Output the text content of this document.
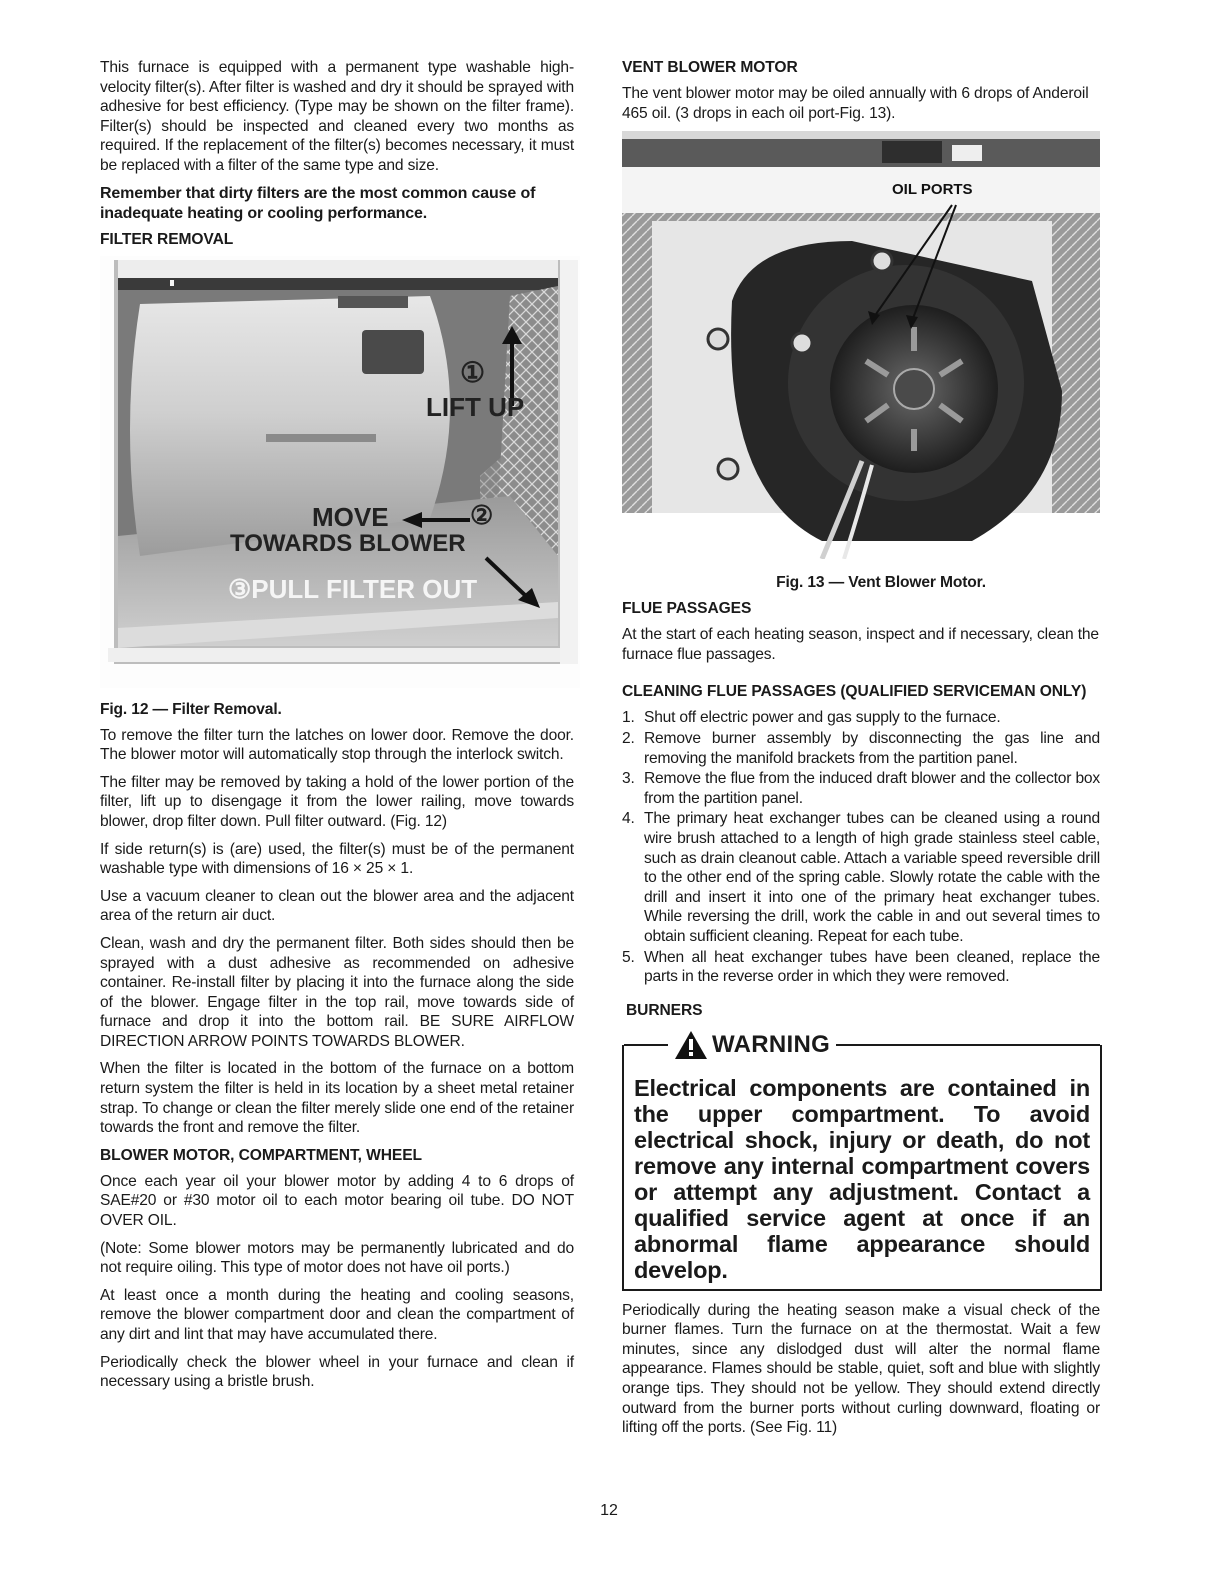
This furnace is equipped with a permanent type washable high-velocity filter(s). After filter is washed and dry it should be sprayed with adhesive for best efficiency. (Type may be shown on the filter frame). Filter(s) should be inspected and cleaned every two months as required. If the replacement of the filter(s) becomes necessary, it must be replaced with a filter of the same type and size.

Remember that dirty filters are the most common cause of inadequate heating or cooling performance.

FILTER REMOVAL
①
LIFT UP
MOVE	②
TOWARDS BLOWER
③PULL FILTER OUT

Fig. 12 — Filter Removal.

To remove the filter turn the latches on lower door. Remove the door. The blower motor will automatically stop through the interlock switch.

The filter may be removed by taking a hold of the lower portion of the filter, lift up to disengage it from the lower railing, move towards blower, drop filter down. Pull filter outward. (Fig. 12)

If side return(s) is (are) used, the filter(s) must be of the permanent washable type with dimensions of 16 × 25 × 1.

Use a vacuum cleaner to clean out the blower area and the adjacent area of the return air duct.

Clean, wash and dry the permanent filter. Both sides should then be sprayed with a dust adhesive as recommended on adhesive container. Re-install filter by placing it into the furnace along the side of the blower. Engage filter in the top rail, move towards side of furnace and drop it into the bottom rail. BE SURE AIRFLOW DIRECTION ARROW POINTS TOWARDS BLOWER.

When the filter is located in the bottom of the furnace on a bottom return system the filter is held in its location by a sheet metal retainer strap. To change or clean the filter merely slide one end of the retainer towards the front and remove the filter.

BLOWER MOTOR, COMPARTMENT, WHEEL

Once each year oil your blower motor by adding 4 to 6 drops of SAE#20 or #30 motor oil to each motor bearing oil tube. DO NOT OVER OIL.

(Note: Some blower motors may be permanently lubricated and do not require oiling. This type of motor does not have oil ports.)

At least once a month during the heating and cooling seasons, remove the blower compartment door and clean the compartment of any dirt and lint that may have accumulated there.

Periodically check the blower wheel in your furnace and clean if necessary using a bristle brush.

VENT BLOWER MOTOR

The vent blower motor may be oiled annually with 6 drops of Anderoil 465 oil. (3 drops in each oil port-Fig. 13).

OIL PORTS

Fig. 13 — Vent Blower Motor.

FLUE PASSAGES

At the start of each heating season, inspect and if necessary, clean the furnace flue passages.

CLEANING FLUE PASSAGES (QUALIFIED SERVICEMAN ONLY)
1. Shut off electric power and gas supply to the furnace.
2. Remove burner assembly by disconnecting the gas line and removing the manifold brackets from the partition panel.
3. Remove the flue from the induced draft blower and the collector box from the partition panel.
4. The primary heat exchanger tubes can be cleaned using a round wire brush attached to a length of high grade stainless steel cable, such as drain cleanout cable. Attach a variable speed reversible drill to the other end of the spring cable. Slowly rotate the cable with the drill and insert it into one of the primary heat exchanger tubes. While reversing the drill, work the cable in and out several times to obtain sufficient cleaning. Repeat for each tube.
5. When all heat exchanger tubes have been cleaned, replace the parts in the reverse order in which they were removed.
BURNERS
WARNING

Electrical components are contained in the upper compartment. To avoid electrical shock, injury or death, do not remove any internal compartment covers or attempt any adjustment. Contact a qualified service agent at once if an abnormal flame appearance should develop.

Periodically during the heating season make a visual check of the burner flames. Turn the furnace on at the thermostat. Wait a few minutes, since any dislodged dust will alter the normal flame appearance. Flames should be stable, quiet, soft and blue with slightly orange tips. They should not be yellow. They should extend directly outward from the burner ports without curling downward, floating or lifting off the ports. (See Fig. 11)

12
